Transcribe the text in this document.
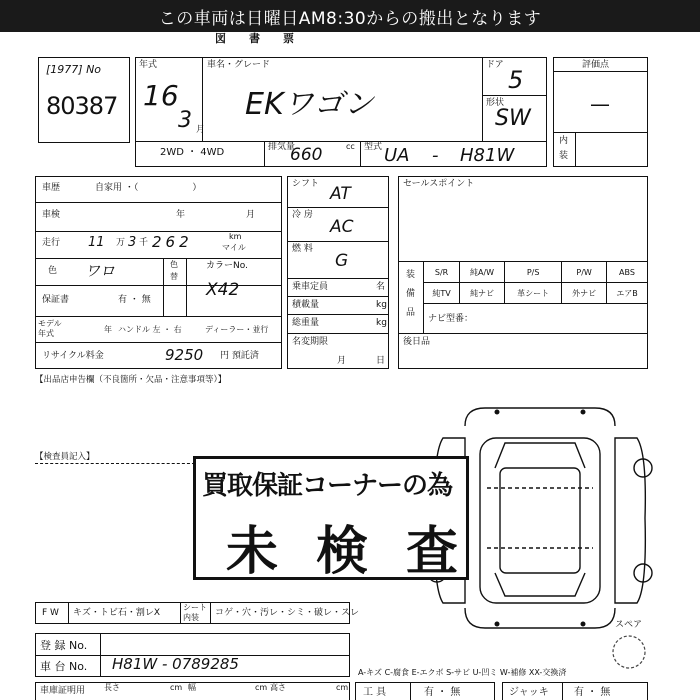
この車両は日曜日AM8:30からの搬出となります
図　書　票
[1977] No
80387
年式
16
3 月
車名・グレード
EKワゴン
ドア
5
形状
SW
2WD ・ 4WD	排気量	cc
660	型式 UA - H81W
評価点
—
内
装
車歴	自家用 ・（　　　　　　）
車検	年	月
走行 11 万 3 千 262	km
マイル
色 ワロ	色
替
カラーNo.
X42
保証書	有 ・ 無
モデル
年式	年 ハンドル 左 ・ 右	ディーラー・並行
リサイクル料金	9250 円 預託済
シフト AT
冷 房
AC
燃 料
G
乗車定員	名
積載量	kg
総重量	kg
名変期限
月	日
セールスポイント
装
備
品
S/R	純A/W	P/S	P/W	ABS
純TV	純ナビ	革シート	外ナビ	エアB
ナビ型番：
後日品
【出品店申告欄（不良箇所・欠品・注意事項等）】
【検査員記入】
買取保証コーナーの為
未検査
スペア
F W キズ・トビ石・割レX
シート
内装 コゲ・穴・汚レ・シミ・破レ・スレ
登 録 No.
車 台 No. H81W - 0789285
車庫証明用 長さ	cm 幅	cm 高さ	cm
A-キズ C-腐食 E-エクボ S-サビ U-凹ミ W-補修 XX-交換済
工 具	有 ・ 無	ジャッキ	有 ・ 無
